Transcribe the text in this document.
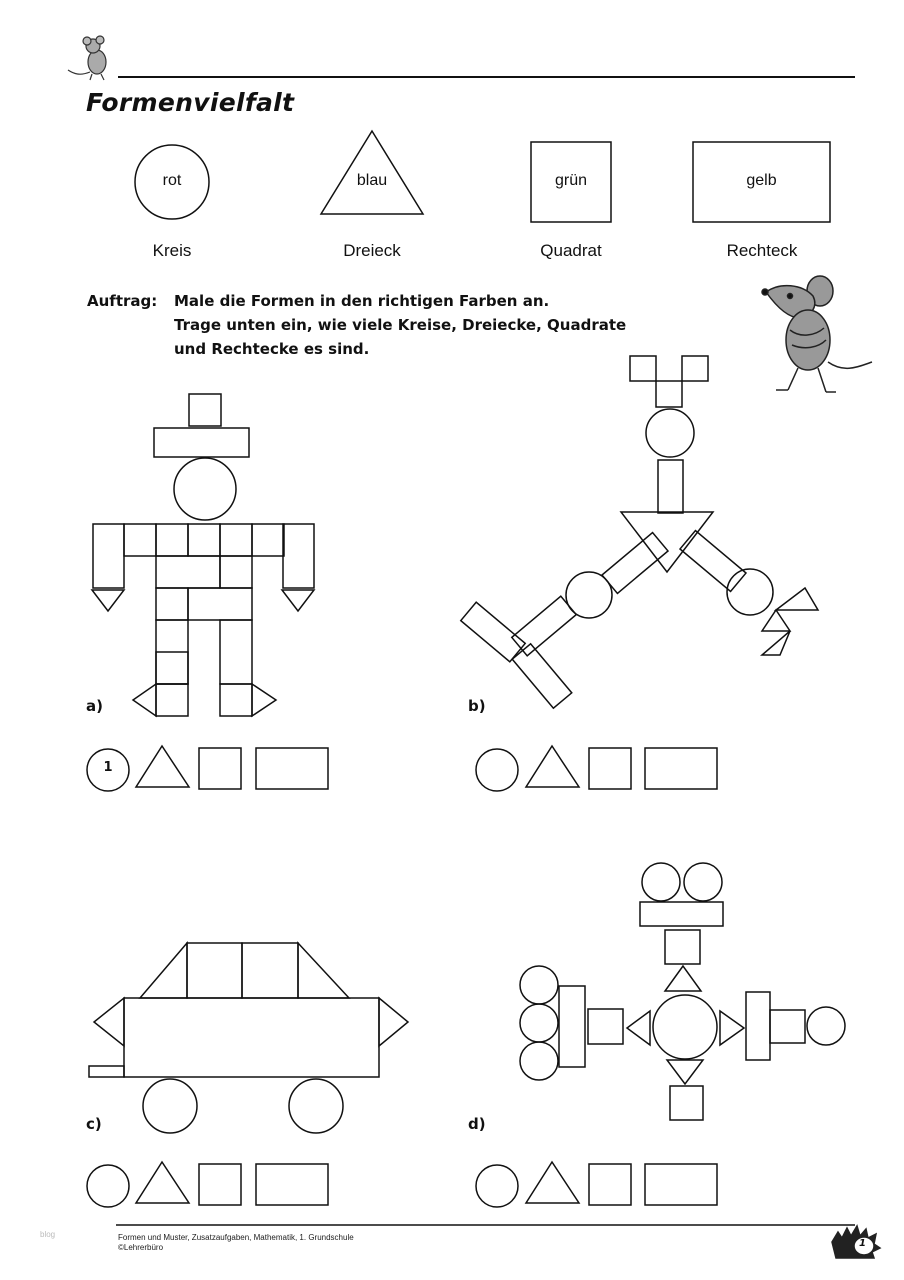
Formenvielfalt
rot	blau	grün	gelb
Kreis	Dreieck	Quadrat	Rechteck
Auftrag: Male die Formen in den richtigen Farben an.
Trage unten ein, wie viele Kreise, Dreiecke, Quadrate
und Rechtecke es sind.
a)	b)
c)	d)
1
blog	Formen und Muster, Zusatzaufgaben, Mathematik, 1. Grundschule
©Lehrerbüro	1
